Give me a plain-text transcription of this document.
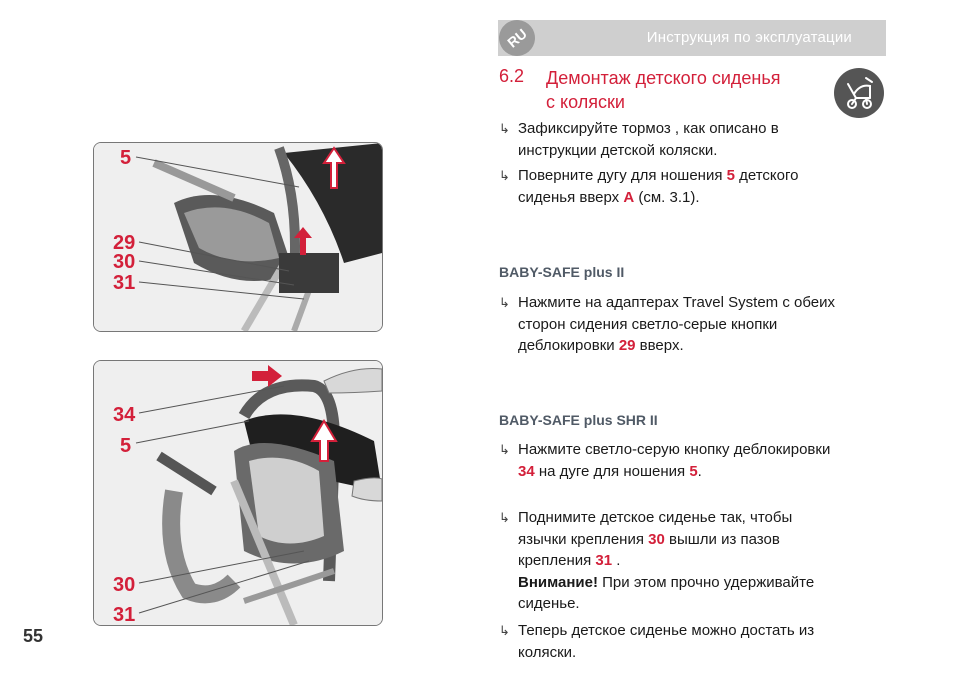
RU	Инструкция по эксплуатации
6.2 Демонтаж детского сиденья
с коляски
↳ Зафиксируйте тормоз , как описано в
инструкции детской коляски.
↳ Поверните дугу для ношения 5 детского
сиденья вверх A (см. 3.1).
BABY-SAFE plus II
↳ Нажмите на адаптерах Travel System с обеих
сторон сидения светло-серые кнопки
деблокировки 29 вверх.
BABY-SAFE plus SHR II
↳ Нажмите светло-серую кнопку деблокировки
34 на дуге для ношения 5.
↳ Поднимите детское сиденье так, чтобы
язычки крепления 30 вышли из пазов
крепления 31 .
Внимание! При этом прочно удерживайте
сиденье.
↳ Теперь детское сиденье можно достать из
коляски.
5
29
30
31
34
5
30
31
55
